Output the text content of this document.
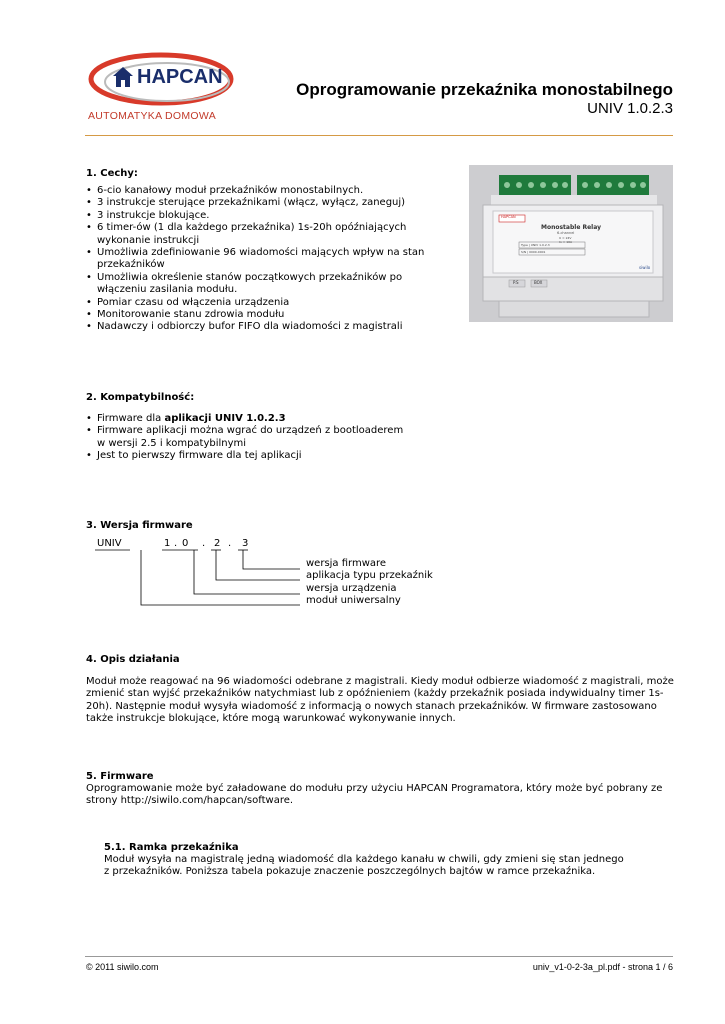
HAPCAN
AUTOMATYKA DOMOWA
Oprogramowanie przekaźnika monostabilnego
UNIV 1.0.2.3
1. Cechy:
• 6-cio kanałowy moduł przekaźników monostabilnych.
• 3 instrukcje sterujące przekaźnikami (włącz, wyłącz, zaneguj)
• 3 instrukcje blokujące.
• 6 timer-ów (1 dla każdego przekaźnika) 1s-20h opóźniających
wykonanie instrukcji
• Umożliwia zdefiniowanie 96 wiadomości mających wpływ na stan
przekaźników
• Umożliwia określenie stanów początkowych przekaźników po
włączeniu zasilania modułu.
• Pomiar czasu od włączenia urządzenia
• Monitorowanie stanu zdrowia modułu
• Nadawczy i odbiorczy bufor FIFO dla wiadomości z magistrali
HAPCAN
Monostable Relay
6-channel
U = 24V
In = 10A
Type | UNIV 1.0.2.3
S/N | 0000-0001
siwilo
P.S	BOX
2. Kompatybilność:
• Firmware dla aplikacji UNIV 1.0.2.3
• Firmware aplikacji można wgrać do urządzeń z bootloaderem
w wersji 2.5 i kompatybilnymi
• Jest to pierwszy firmware dla tej aplikacji
3. Wersja firmware
UNIV	1 . 0 . 2 . 3
wersja firmware
aplikacja typu przekaźnik
wersja urządzenia
moduł uniwersalny
4. Opis działania
Moduł może reagować na 96 wiadomości odebrane z magistrali. Kiedy moduł odbierze wiadomość z magistrali, może
zmienić stan wyjść przekaźników natychmiast lub z opóźnieniem (każdy przekaźnik posiada indywidualny timer 1s-
20h). Następnie moduł wysyła wiadomość z informacją o nowych stanach przekaźników. W firmware zastosowano
także instrukcje blokujące, które mogą warunkować wykonywanie innych.
5. Firmware
Oprogramowanie może być załadowane do modułu przy użyciu HAPCAN Programatora, który może być pobrany ze
strony http://siwilo.com/hapcan/software.
5.1. Ramka przekaźnika
Moduł wysyła na magistralę jedną wiadomość dla każdego kanału w chwili, gdy zmieni się stan jednego
z przekaźników. Poniższa tabela pokazuje znaczenie poszczególnych bajtów w ramce przekaźnika.
© 2011 siwilo.com	univ_v1-0-2-3a_pl.pdf - strona 1 / 6
